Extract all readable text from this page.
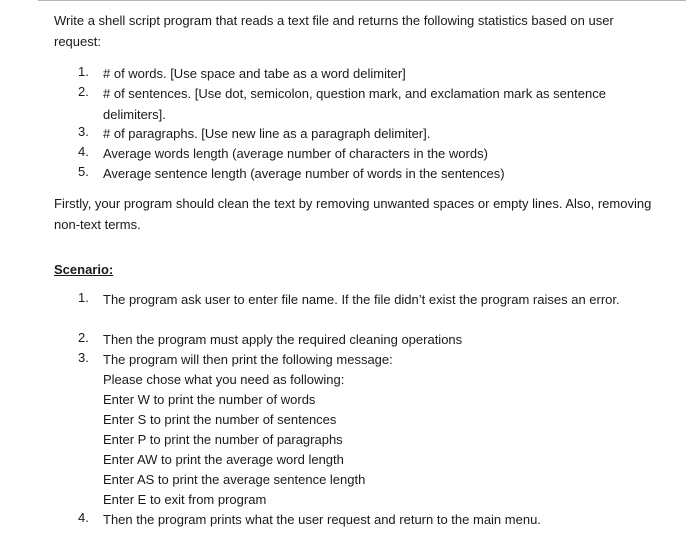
Write a shell script program that reads a text file and returns the following statistics based on user request:

1.	# of words. [Use space and tabe as a word delimiter]
2.	# of sentences. [Use dot, semicolon, question mark, and exclamation mark as sentence delimiters].
3.	# of paragraphs. [Use new line as a paragraph delimiter].
4.	Average words length (average number of characters in the words)
5.	Average sentence length (average number of words in the sentences)

Firstly, your program should clean the text by removing unwanted spaces or empty lines. Also, removing non-text terms.

Scenario:
1.	The program ask user to enter file name. If the file didn’t exist the program raises an error.
2.	Then the program must apply the required cleaning operations
3.	The program will then print the following message:
Please chose what you need as following:
Enter W to print the number of words
Enter S to print the number of sentences
Enter P to print the number of paragraphs
Enter AW to print the average word length
Enter AS to print the average sentence length
Enter E to exit from program
4.	Then the program prints what the user request and return to the main menu.
